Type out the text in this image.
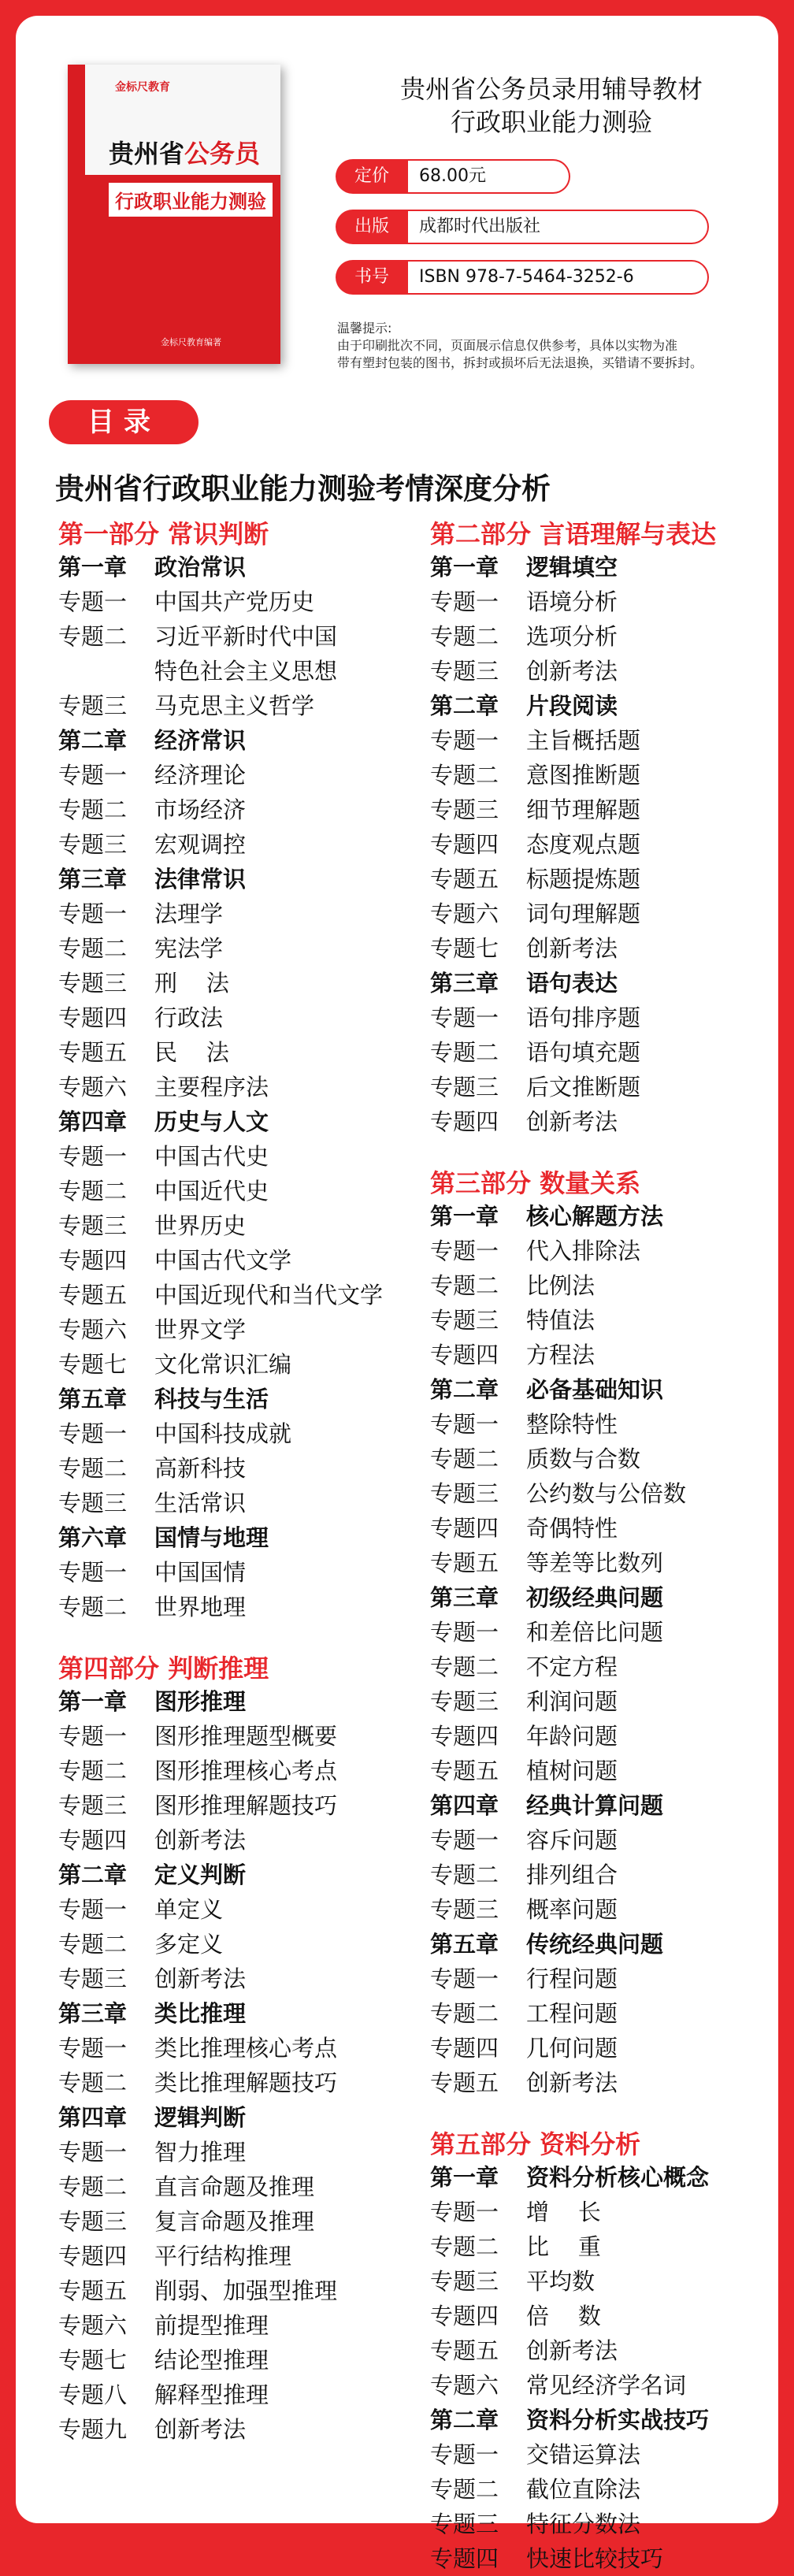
金标尺教育
贵州省公务员
行政职业能力测验
金标尺教育编著
贵州省公务员录用辅导教材
行政职业能力测验
定价	68.00元
出版	成都时代出版社
书号	ISBN 978-7-5464-3252-6
温馨提示:
由于印刷批次不同，页面展示信息仅供参考，具体以实物为准
带有塑封包装的图书，拆封或损坏后无法退换，买错请不要拆封。
目录
贵州省行政职业能力测验考情深度分析
第一部分 常识判断
第一章 政治常识
专题一 中国共产党历史
专题二 习近平新时代中国
特色社会主义思想
专题三 马克思主义哲学
第二章 经济常识
专题一 经济理论
专题二 市场经济
专题三 宏观调控
第三章 法律常识
专题一 法理学
专题二 宪法学
专题三 刑    法
专题四 行政法
专题五 民    法
专题六 主要程序法
第四章 历史与人文
专题一 中国古代史
专题二 中国近代史
专题三 世界历史
专题四 中国古代文学
专题五 中国近现代和当代文学
专题六 世界文学
专题七 文化常识汇编
第五章 科技与生活
专题一 中国科技成就
专题二 高新科技
专题三 生活常识
第六章 国情与地理
专题一 中国国情
专题二 世界地理
第四部分 判断推理
第一章 图形推理
专题一 图形推理题型概要
专题二 图形推理核心考点
专题三 图形推理解题技巧
专题四 创新考法
第二章 定义判断
专题一 单定义
专题二 多定义
专题三 创新考法
第三章 类比推理
专题一 类比推理核心考点
专题二 类比推理解题技巧
第四章 逻辑判断
专题一 智力推理
专题二 直言命题及推理
专题三 复言命题及推理
专题四 平行结构推理
专题五 削弱、加强型推理
专题六 前提型推理
专题七 结论型推理
专题八 解释型推理
专题九 创新考法
第二部分 言语理解与表达
第一章 逻辑填空
专题一 语境分析
专题二 选项分析
专题三 创新考法
第二章 片段阅读
专题一 主旨概括题
专题二 意图推断题
专题三 细节理解题
专题四 态度观点题
专题五 标题提炼题
专题六 词句理解题
专题七 创新考法
第三章 语句表达
专题一 语句排序题
专题二 语句填充题
专题三 后文推断题
专题四 创新考法
第三部分 数量关系
第一章 核心解题方法
专题一 代入排除法
专题二 比例法
专题三 特值法
专题四 方程法
第二章 必备基础知识
专题一 整除特性
专题二 质数与合数
专题三 公约数与公倍数
专题四 奇偶特性
专题五 等差等比数列
第三章 初级经典问题
专题一 和差倍比问题
专题二 不定方程
专题三 利润问题
专题四 年龄问题
专题五 植树问题
第四章 经典计算问题
专题一 容斥问题
专题二 排列组合
专题三 概率问题
第五章 传统经典问题
专题一 行程问题
专题二 工程问题
专题四 几何问题
专题五 创新考法
第五部分 资料分析
第一章 资料分析核心概念
专题一 增    长
专题二 比    重
专题三 平均数
专题四 倍    数
专题五 创新考法
专题六 常见经济学名词
第二章 资料分析实战技巧
专题一 交错运算法
专题二 截位直除法
专题三 特征分数法
专题四 快速比较技巧
